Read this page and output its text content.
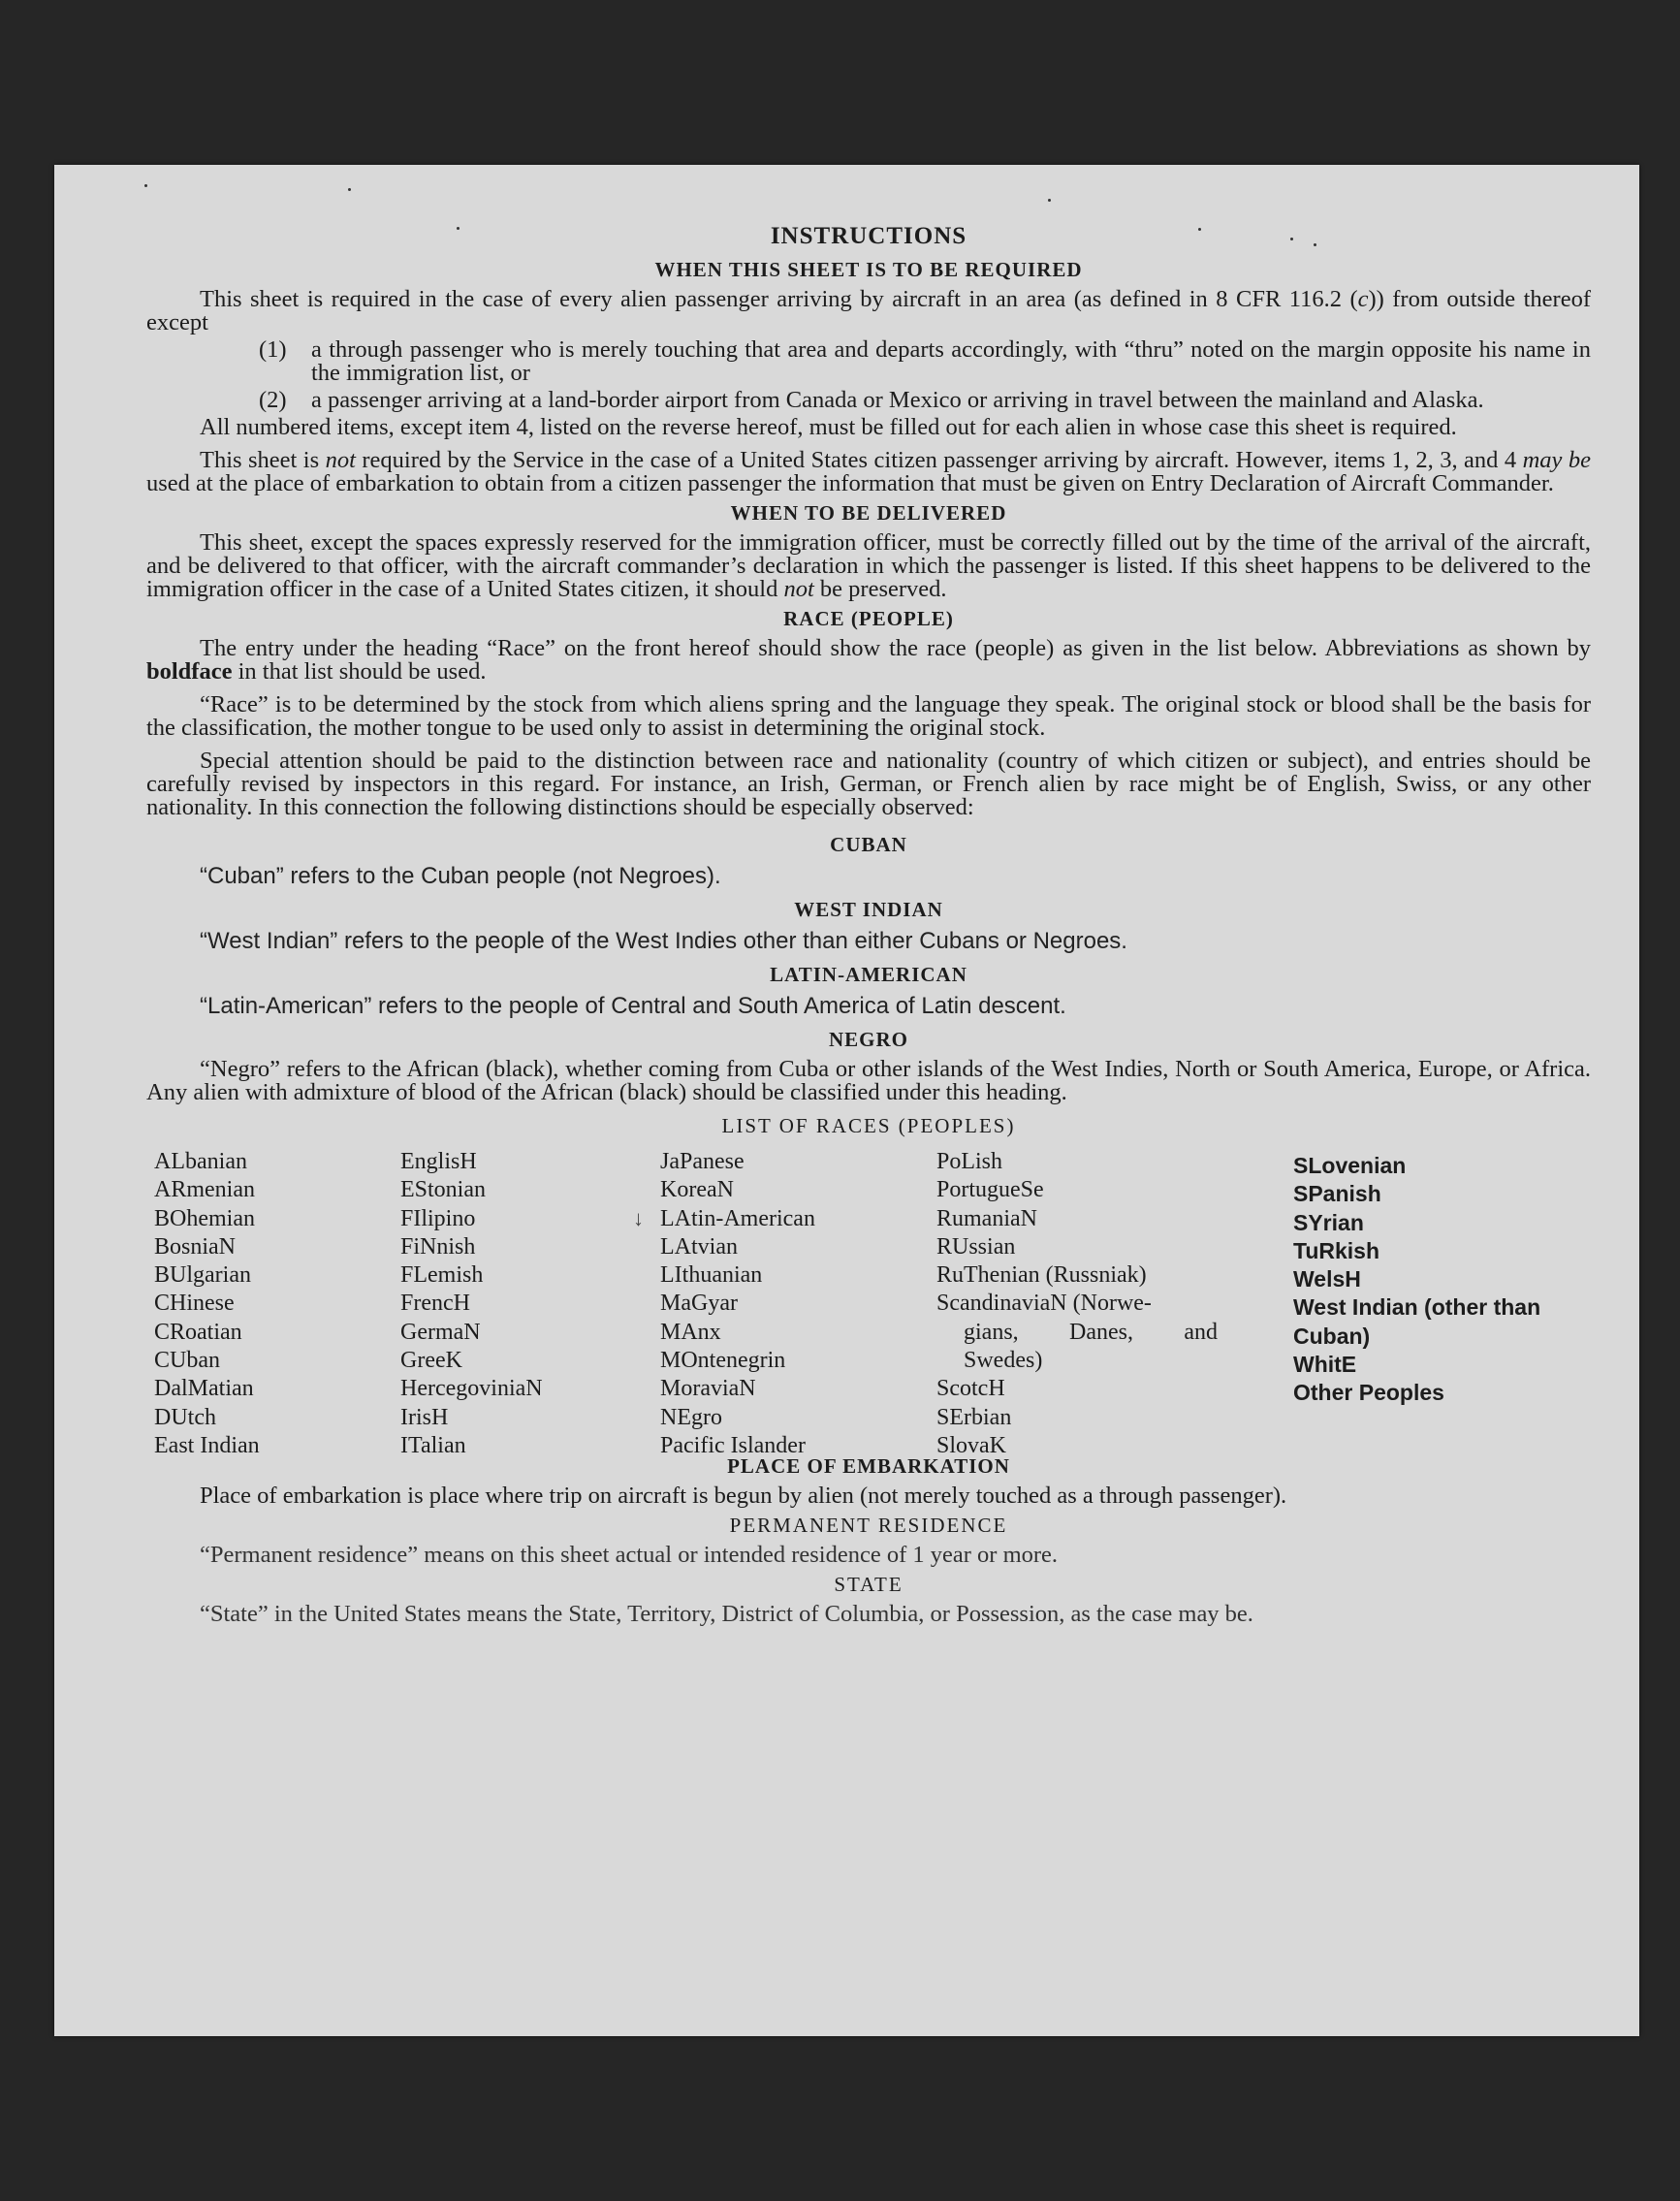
INSTRUCTIONS
WHEN THIS SHEET IS TO BE REQUIRED

This sheet is required in the case of every alien passenger arriving by aircraft in an area (as defined in 8 CFR 116.2 (c)) from outside thereof except

(1)	a through passenger who is merely touching that area and departs accordingly, with “thru” noted on the margin opposite his name in the immigration list, or
(2)	a passenger arriving at a land-border airport from Canada or Mexico or arriving in travel between the mainland and Alaska.

All numbered items, except item 4, listed on the reverse hereof, must be filled out for each alien in whose case this sheet is required.

This sheet is not required by the Service in the case of a United States citizen passenger arriving by aircraft. However, items 1, 2, 3, and 4 may be used at the place of embarkation to obtain from a citizen passenger the information that must be given on Entry Declaration of Aircraft Commander.

WHEN TO BE DELIVERED

This sheet, except the spaces expressly reserved for the immigration officer, must be correctly filled out by the time of the arrival of the aircraft, and be delivered to that officer, with the aircraft commander’s declaration in which the passenger is listed. If this sheet happens to be delivered to the immigration officer in the case of a United States citizen, it should not be preserved.

RACE (PEOPLE)

The entry under the heading “Race” on the front hereof should show the race (people) as given in the list below. Abbreviations as shown by boldface in that list should be used.

“Race” is to be determined by the stock from which aliens spring and the language they speak. The original stock or blood shall be the basis for the classification, the mother tongue to be used only to assist in determining the original stock.

Special attention should be paid to the distinction between race and nationality (country of which citizen or subject), and entries should be carefully revised by inspectors in this regard. For instance, an Irish, German, or French alien by race might be of English, Swiss, or any other nationality. In this connection the following distinctions should be especially observed:

CUBAN
“Cuban” refers to the Cuban people (not Negroes).
WEST INDIAN
“West Indian” refers to the people of the West Indies other than either Cubans or Negroes.
LATIN-AMERICAN
“Latin-American” refers to the people of Central and South America of Latin descent.
NEGRO

“Negro” refers to the African (black), whether coming from Cuba or other islands of the West Indies, North or South America, Europe, or Africa. Any alien with admixture of blood of the African (black) should be classified under this heading.

LIST OF RACES (PEOPLES)
↓
ALbanian
ARmenian
BOhemian
BosniaN
BUlgarian
CHinese
CRoatian
CUban
DalMatian
DUtch
East Indian
EnglisH
EStonian
FIlipino
FiNnish
FLemish
FrencH
GermaN
GreeK
HercegoviniaN
IrisH
ITalian
JaPanese
KoreaN
LAtin-American
LAtvian
LIthuanian
MaGyar
MAnx
MOntenegrin
MoraviaN
NEgro
Pacific Islander
PoLish
PortugueSe
RumaniaN
RUssian
RuThenian (Russniak)
ScandinaviaN (Norwe-
gians, Danes, and
Swedes)
ScotcH
SErbian
SlovaK
SLovenian
SPanish
SYrian
TuRkish
WelsH
West Indian (other than Cuban)
WhitE
Other Peoples
PLACE OF EMBARKATION

Place of embarkation is place where trip on aircraft is begun by alien (not merely touched as a through passenger).

PERMANENT RESIDENCE

“Permanent residence” means on this sheet actual or intended residence of 1 year or more.

STATE

“State” in the United States means the State, Territory, District of Columbia, or Possession, as the case may be.
